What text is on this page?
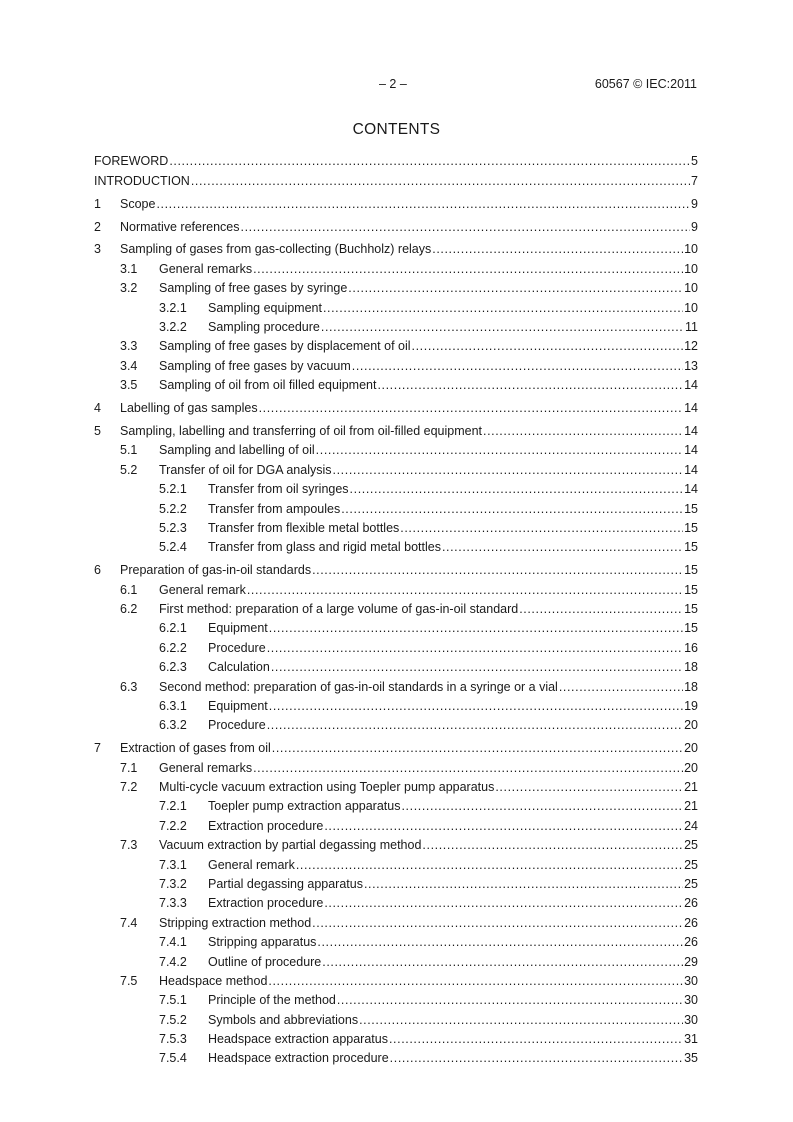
– 2 –	60567 © IEC:2011
CONTENTS
FOREWORD .....	5
INTRODUCTION .....	7
1	Scope .....	9
2	Normative references .....	9
3	Sampling of gases from gas-collecting (Buchholz) relays .....	10
3.1	General remarks .....	10
3.2	Sampling of free gases by syringe .....	10
3.2.1	Sampling equipment .....	10
3.2.2	Sampling procedure .....	11
3.3	Sampling of free gases by displacement of oil .....	12
3.4	Sampling of free gases by vacuum .....	13
3.5	Sampling of oil from oil filled equipment .....	14
4	Labelling of gas samples .....	14
5	Sampling, labelling and transferring of oil from oil-filled equipment .....	14
5.1	Sampling and labelling of oil .....	14
5.2	Transfer of oil for DGA analysis .....	14
5.2.1	Transfer from oil syringes .....	14
5.2.2	Transfer from ampoules .....	15
5.2.3	Transfer from flexible metal bottles .....	15
5.2.4	Transfer from glass and rigid metal bottles .....	15
6	Preparation of gas-in-oil standards .....	15
6.1	General remark .....	15
6.2	First method: preparation of a large volume of gas-in-oil standard .....	15
6.2.1	Equipment .....	15
6.2.2	Procedure .....	16
6.2.3	Calculation .....	18
6.3	Second method: preparation of gas-in-oil standards in a syringe or a vial .....	18
6.3.1	Equipment .....	19
6.3.2	Procedure .....	20
7	Extraction of gases from oil .....	20
7.1	General remarks .....	20
7.2	Multi-cycle vacuum extraction using Toepler pump apparatus .....	21
7.2.1	Toepler pump extraction apparatus .....	21
7.2.2	Extraction procedure .....	24
7.3	Vacuum extraction by partial degassing method .....	25
7.3.1	General remark .....	25
7.3.2	Partial degassing apparatus .....	25
7.3.3	Extraction procedure .....	26
7.4	Stripping extraction method .....	26
7.4.1	Stripping apparatus .....	26
7.4.2	Outline of procedure .....	29
7.5	Headspace method .....	30
7.5.1	Principle of the method .....	30
7.5.2	Symbols and abbreviations .....	30
7.5.3	Headspace extraction apparatus .....	31
7.5.4	Headspace extraction procedure .....	35
